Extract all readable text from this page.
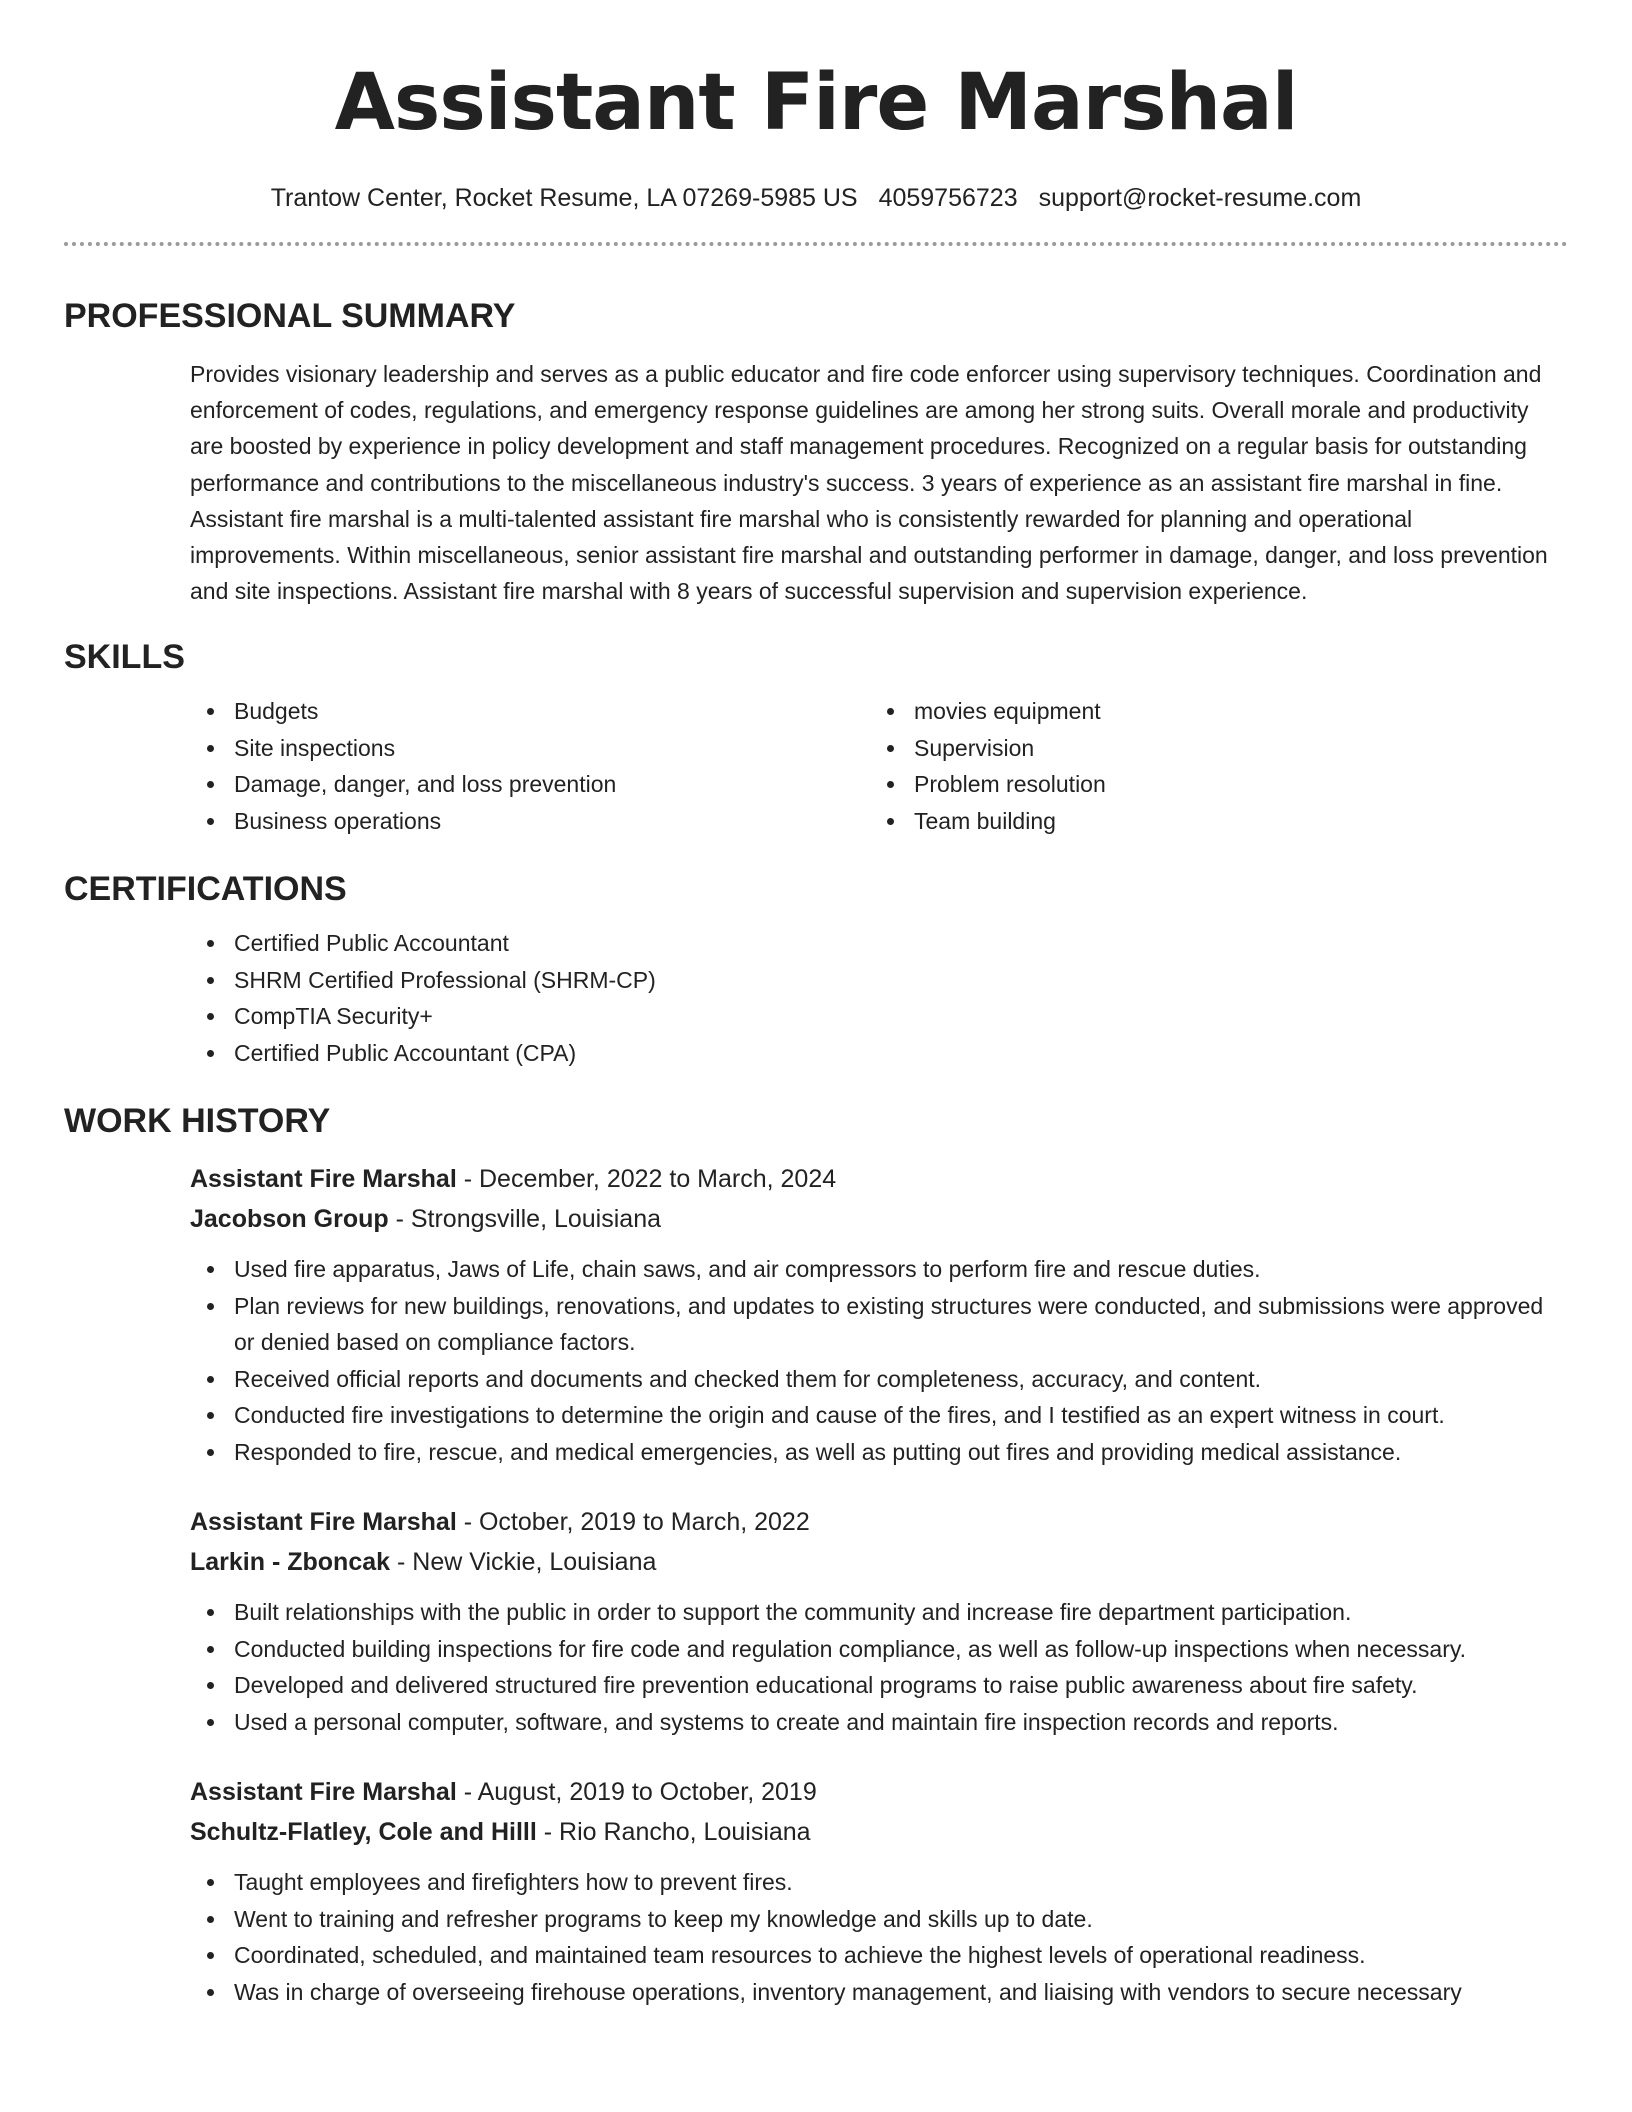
Assistant Fire Marshal
Trantow Center, Rocket Resume, LA 07269-5985 US 4059756723 support@rocket-resume.com
PROFESSIONAL SUMMARY

Provides visionary leadership and serves as a public educator and fire code enforcer using supervisory techniques. Coordination and enforcement of codes, regulations, and emergency response guidelines are among her strong suits. Overall morale and productivity are boosted by experience in policy development and staff management procedures. Recognized on a regular basis for outstanding performance and contributions to the miscellaneous industry's success. 3 years of experience as an assistant fire marshal in fine. Assistant fire marshal is a multi-talented assistant fire marshal who is consistently rewarded for planning and operational improvements. Within miscellaneous, senior assistant fire marshal and outstanding performer in damage, danger, and loss prevention and site inspections. Assistant fire marshal with 8 years of successful supervision and supervision experience.

SKILLS
Budgets
Site inspections
Damage, danger, and loss prevention
Business operations
movies equipment
Supervision
Problem resolution
Team building
CERTIFICATIONS
Certified Public Accountant
SHRM Certified Professional (SHRM-CP)
CompTIA Security+
Certified Public Accountant (CPA)
WORK HISTORY
Assistant Fire Marshal - December, 2022 to March, 2024
Jacobson Group - Strongsville, Louisiana
Used fire apparatus, Jaws of Life, chain saws, and air compressors to perform fire and rescue duties.
Plan reviews for new buildings, renovations, and updates to existing structures were conducted, and submissions were approved or denied based on compliance factors.
Received official reports and documents and checked them for completeness, accuracy, and content.
Conducted fire investigations to determine the origin and cause of the fires, and I testified as an expert witness in court.
Responded to fire, rescue, and medical emergencies, as well as putting out fires and providing medical assistance.
Assistant Fire Marshal - October, 2019 to March, 2022
Larkin - Zboncak - New Vickie, Louisiana
Built relationships with the public in order to support the community and increase fire department participation.
Conducted building inspections for fire code and regulation compliance, as well as follow-up inspections when necessary.
Developed and delivered structured fire prevention educational programs to raise public awareness about fire safety.
Used a personal computer, software, and systems to create and maintain fire inspection records and reports.
Assistant Fire Marshal - August, 2019 to October, 2019
Schultz-Flatley, Cole and Hilll - Rio Rancho, Louisiana
Taught employees and firefighters how to prevent fires.
Went to training and refresher programs to keep my knowledge and skills up to date.
Coordinated, scheduled, and maintained team resources to achieve the highest levels of operational readiness.
Was in charge of overseeing firehouse operations, inventory management, and liaising with vendors to secure necessary
